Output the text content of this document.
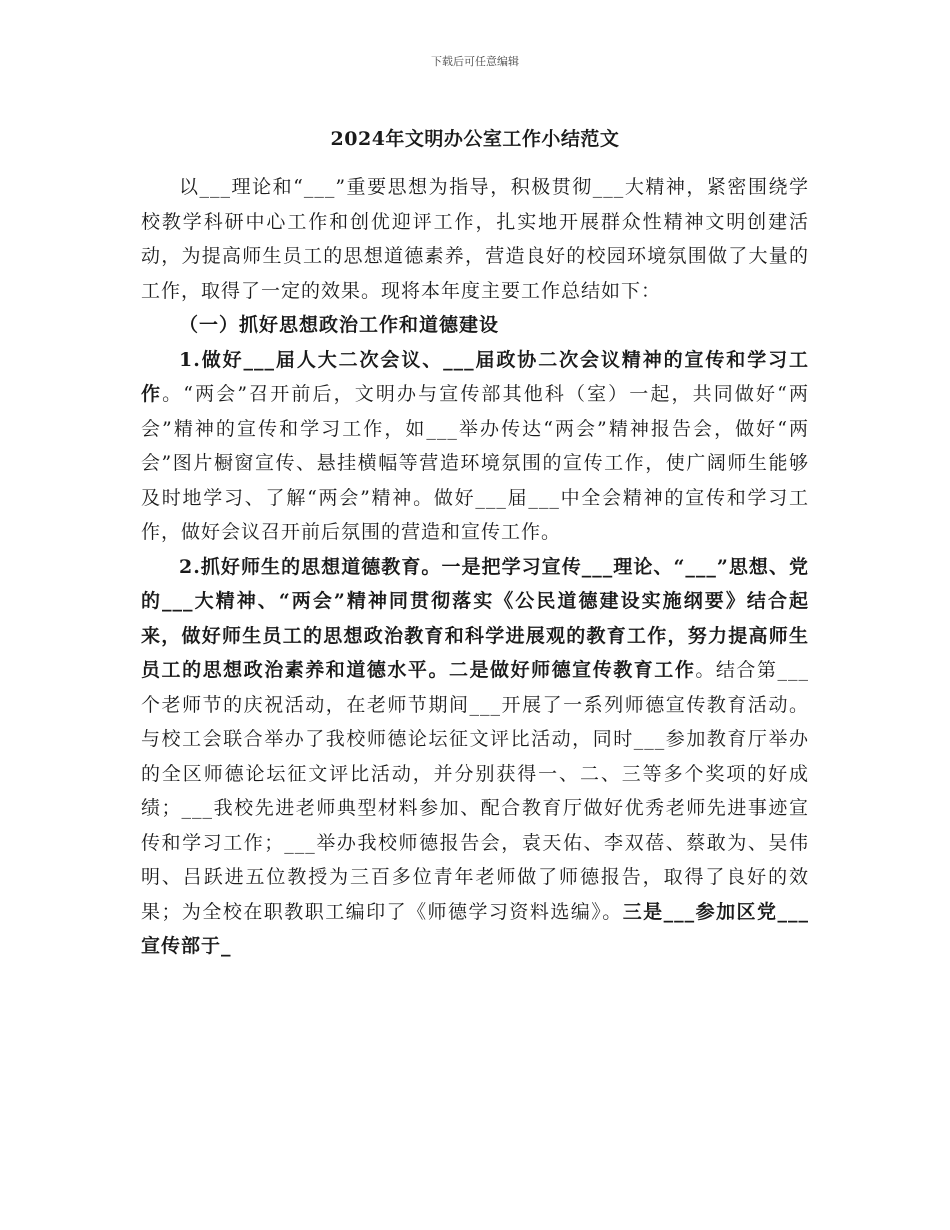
下载后可任意编辑
2024年文明办公室工作小结范文

以___理论和“___”重要思想为指导，积极贯彻___大精神，紧密围绕学校教学科研中心工作和创优迎评工作，扎实地开展群众性精神文明创建活动，为提高师生员工的思想道德素养，营造良好的校园环境氛围做了大量的工作，取得了一定的效果。现将本年度主要工作总结如下：

（一）抓好思想政治工作和道德建设

1.做好___届人大二次会议、___届政协二次会议精神的宣传和学习工作。“两会”召开前后，文明办与宣传部其他科（室）一起，共同做好“两会”精神的宣传和学习工作，如___举办传达“两会”精神报告会，做好“两会”图片橱窗宣传、悬挂横幅等营造环境氛围的宣传工作，使广阔师生能够及时地学习、了解“两会”精神。做好___届___中全会精神的宣传和学习工作，做好会议召开前后氛围的营造和宣传工作。

2.抓好师生的思想道德教育。一是把学习宣传___理论、“___”思想、党的___大精神、“两会”精神同贯彻落实《公民道德建设实施纲要》结合起来，做好师生员工的思想政治教育和科学进展观的教育工作，努力提高师生员工的思想政治素养和道德水平。二是做好师德宣传教育工作。结合第___个老师节的庆祝活动，在老师节期间___开展了一系列师德宣传教育活动。与校工会联合举办了我校师德论坛征文评比活动，同时___参加教育厅举办的全区师德论坛征文评比活动，并分别获得一、二、三等多个奖项的好成绩；___我校先进老师典型材料参加、配合教育厅做好优秀老师先进事迹宣传和学习工作；___举办我校师德报告会，袁天佑、李双蓓、蔡敢为、吴伟明、吕跃进五位教授为三百多位青年老师做了师德报告，取得了良好的效果；为全校在职教职工编印了《师德学习资料选编》。三是___参加区党___宣传部于_
